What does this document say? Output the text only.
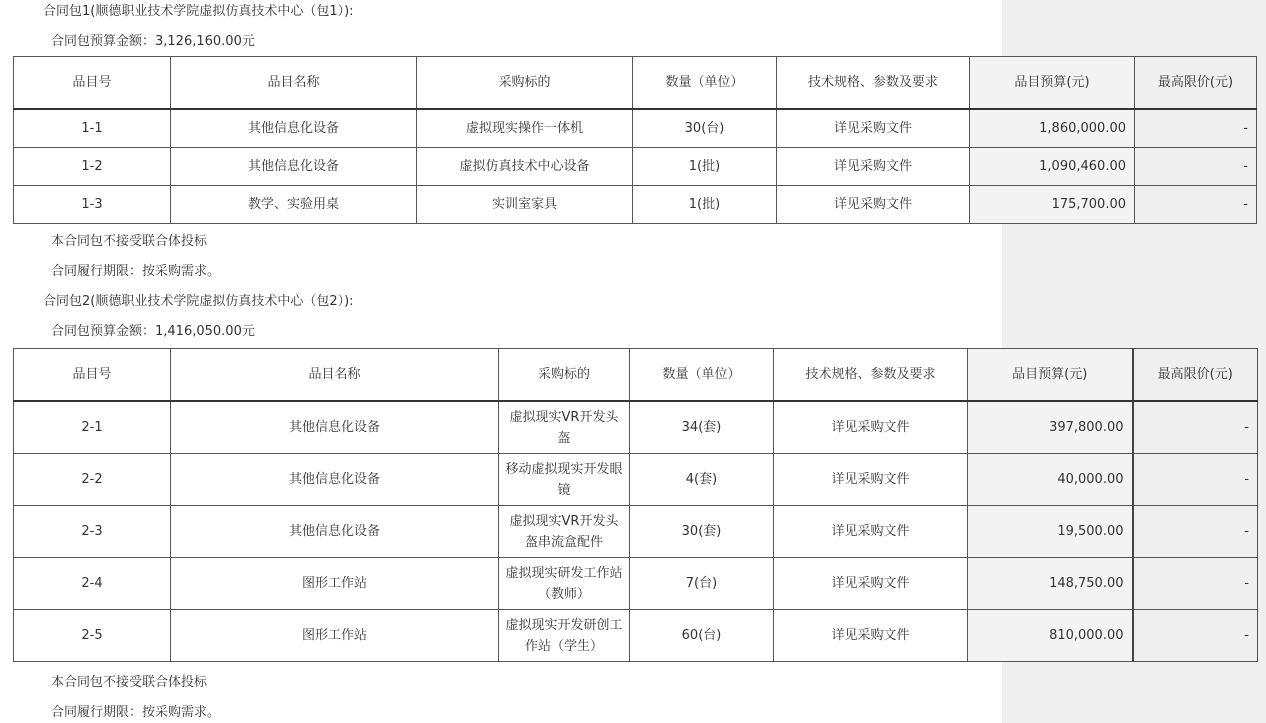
合同包1(顺德职业技术学院虚拟仿真技术中心（包1）):
合同包预算金额：3,126,160.00元
品目号	品目名称	采购标的	数量（单位）	技术规格、参数及要求	品目预算(元)	最高限价(元)
1-1	其他信息化设备	虚拟现实操作一体机	30(台)	详见采购文件	1,860,000.00	-
1-2	其他信息化设备	虚拟仿真技术中心设备	1(批)	详见采购文件	1,090,460.00	-
1-3	教学、实验用桌	实训室家具	1(批)	详见采购文件	175,700.00	-
本合同包不接受联合体投标
合同履行期限：按采购需求。
合同包2(顺德职业技术学院虚拟仿真技术中心（包2）):
合同包预算金额：1,416,050.00元
品目号	品目名称	采购标的	数量（单位）	技术规格、参数及要求	品目预算(元)	最高限价(元)
2-1	其他信息化设备	虚拟现实VR开发头盔	34(套)	详见采购文件	397,800.00	-
2-2	其他信息化设备	移动虚拟现实开发眼镜	4(套)	详见采购文件	40,000.00	-
2-3	其他信息化设备	虚拟现实VR开发头盔串流盒配件	30(套)	详见采购文件	19,500.00	-
2-4	图形工作站	虚拟现实研发工作站（教师）	7(台)	详见采购文件	148,750.00	-
2-5	图形工作站	虚拟现实开发研创工作站（学生）	60(台)	详见采购文件	810,000.00	-
本合同包不接受联合体投标
合同履行期限：按采购需求。
